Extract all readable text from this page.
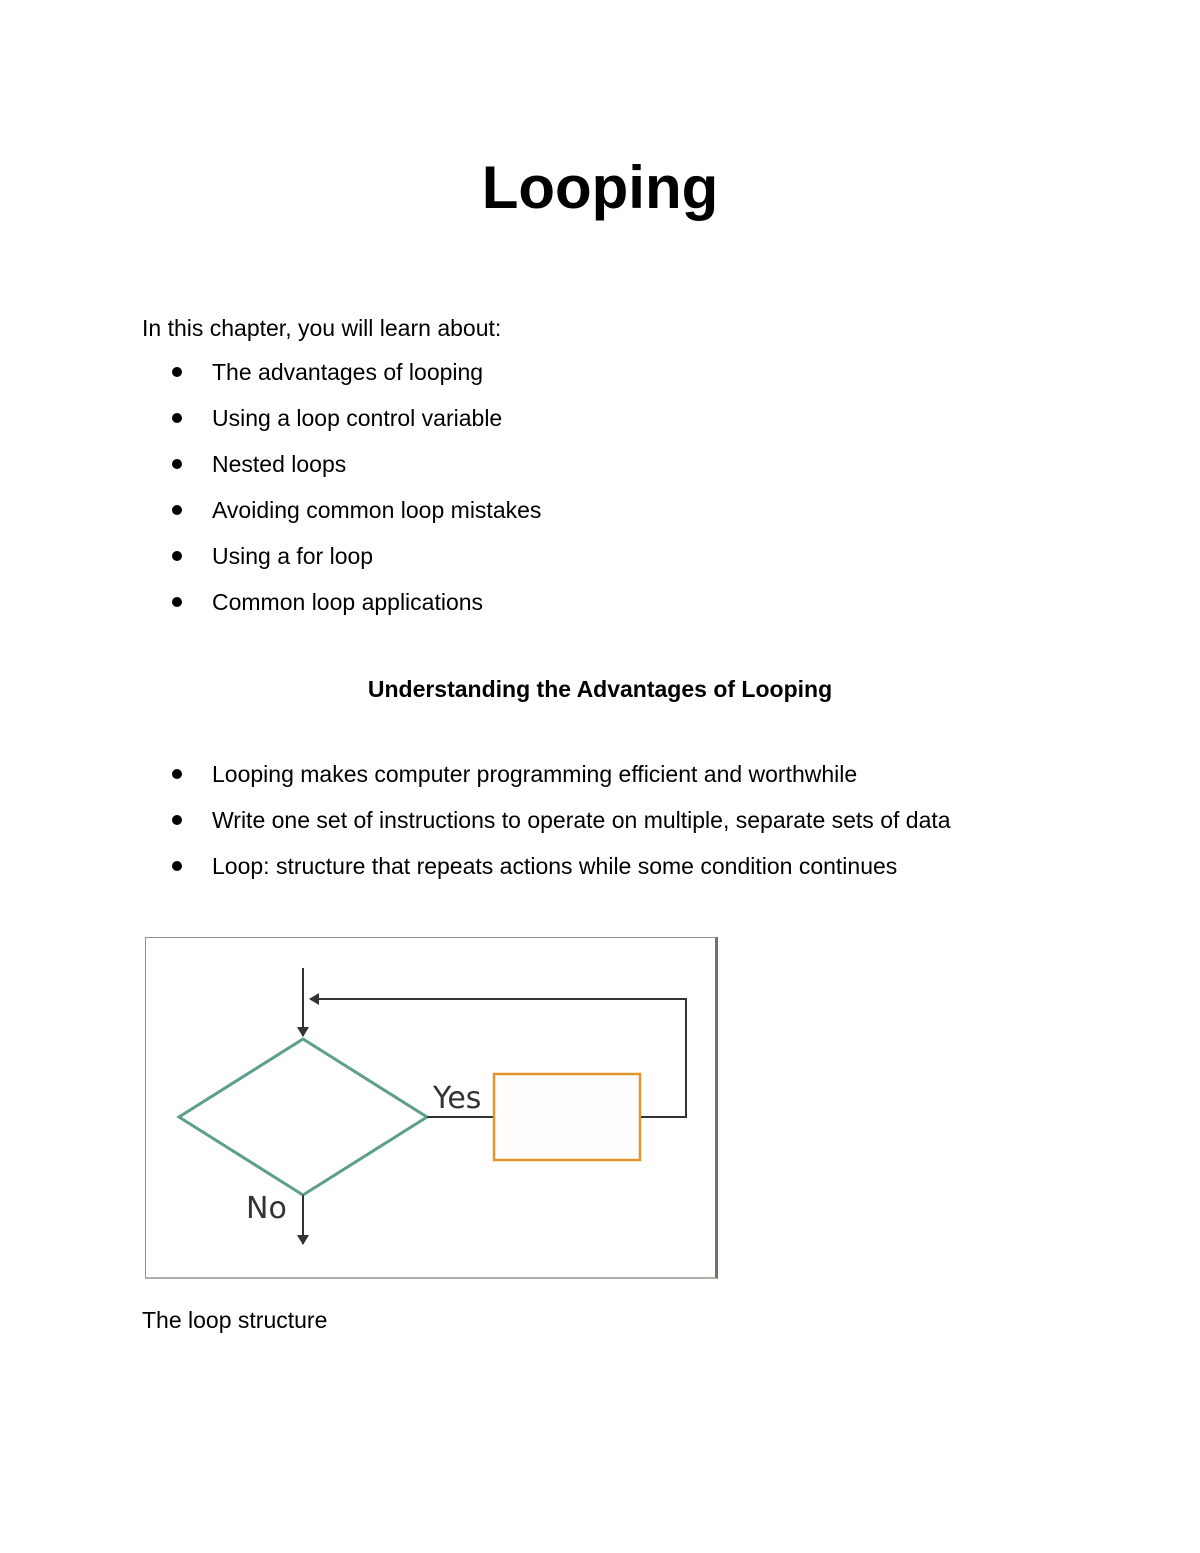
Looping

In this chapter, you will learn about:

The advantages of looping
Using a loop control variable
Nested loops
Avoiding common loop mistakes
Using a for loop
Common loop applications
Understanding the Advantages of Looping
Looping makes computer programming efficient and worthwhile
Write one set of instructions to operate on multiple, separate sets of data
Loop: structure that repeats actions while some condition continues
Yes
No

The loop structure
